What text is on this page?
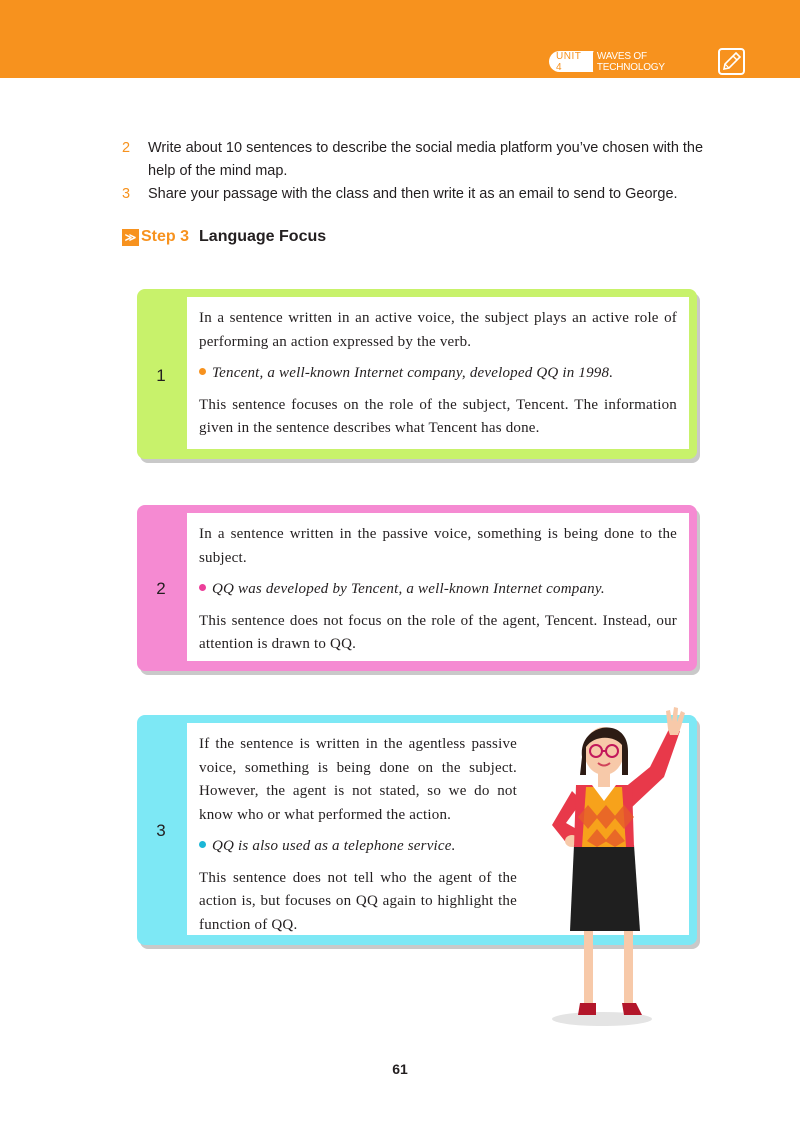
UNIT 4
WAVES OF TECHNOLOGY
2	Write about 10 sentences to describe the social media platform you’ve chosen with the help of the mind map.
3	Share your passage with the class and then write it as an email to send to George.
≫ Step 3 Language Focus
1

In a sentence written in an active voice, the subject plays an active role of performing an action expressed by the verb.

Tencent, a well-known Internet company, developed QQ in 1998.

This sentence focuses on the role of the subject, Tencent. The information given in the sentence describes what Tencent has done.

2

In a sentence written in the passive voice, something is being done to the subject.

QQ was developed by Tencent, a well-known Internet company.

This sentence does not focus on the role of the agent, Tencent. Instead, our attention is drawn to QQ.

3

If the sentence is written in the agentless passive voice, something is being done on the subject. However, the agent is not stated, so we do not know who or what performed the action.

QQ is also used as a telephone service.

This sentence does not tell who the agent of the action is, but focuses on QQ again to highlight the function of QQ.

61
